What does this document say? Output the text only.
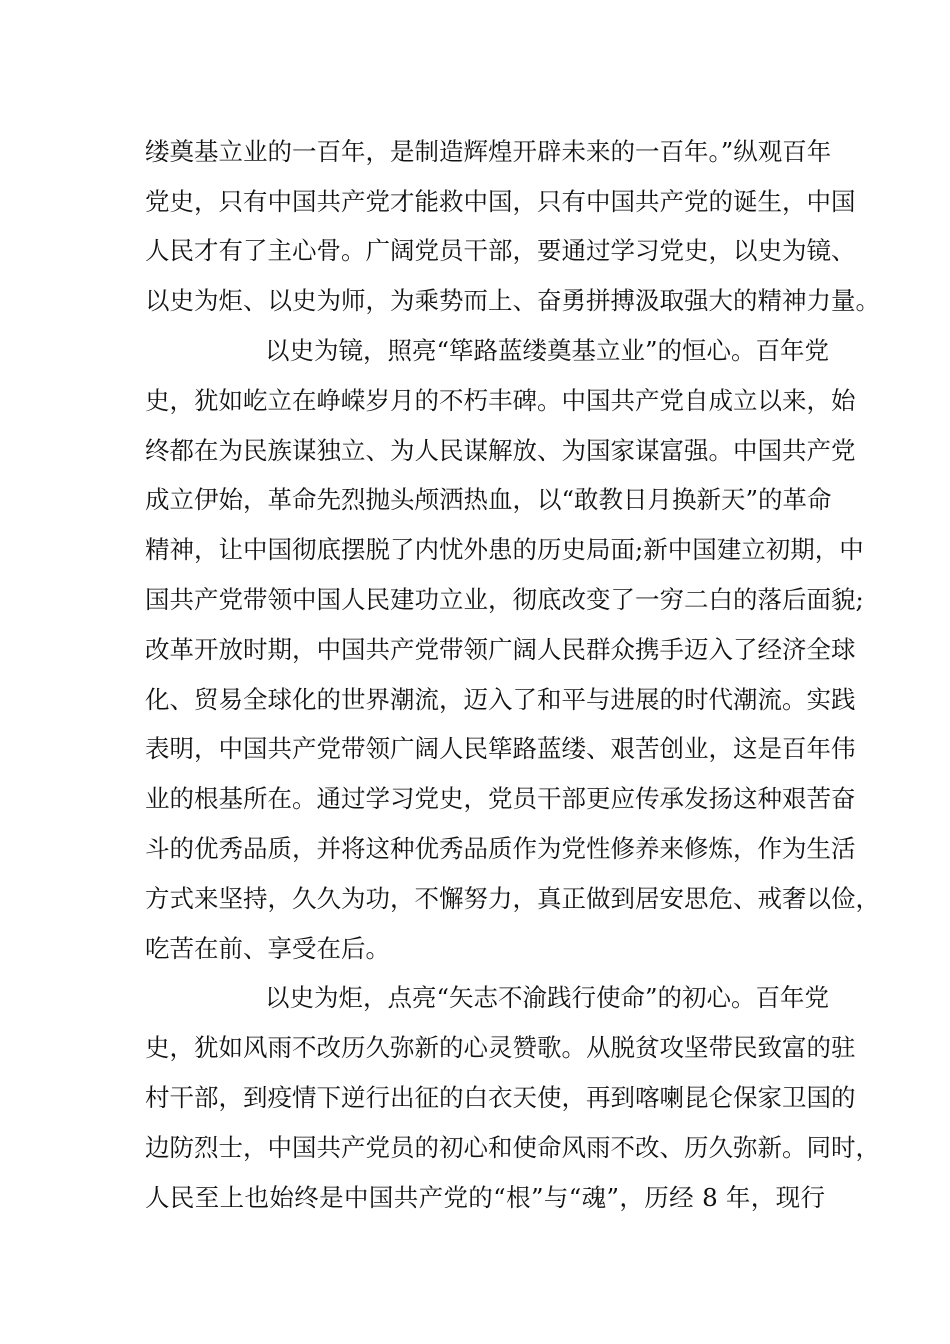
缕奠基立业的一百年，是制造辉煌开辟未来的一百年。”纵观百年
党史，只有中国共产党才能救中国，只有中国共产党的诞生，中国
人民才有了主心骨。广阔党员干部，要通过学习党史，以史为镜、
以史为炬、以史为师，为乘势而上、奋勇拼搏汲取强大的精神力量。
以史为镜，照亮“筚路蓝缕奠基立业”的恒心。百年党
史，犹如屹立在峥嵘岁月的不朽丰碑。中国共产党自成立以来，始
终都在为民族谋独立、为人民谋解放、为国家谋富强。中国共产党
成立伊始，革命先烈抛头颅洒热血，以“敢教日月换新天”的革命
精神，让中国彻底摆脱了内忧外患的历史局面;新中国建立初期，中
国共产党带领中国人民建功立业，彻底改变了一穷二白的落后面貌;
改革开放时期，中国共产党带领广阔人民群众携手迈入了经济全球
化、贸易全球化的世界潮流，迈入了和平与进展的时代潮流。实践
表明，中国共产党带领广阔人民筚路蓝缕、艰苦创业，这是百年伟
业的根基所在。通过学习党史，党员干部更应传承发扬这种艰苦奋
斗的优秀品质，并将这种优秀品质作为党性修养来修炼，作为生活
方式来坚持，久久为功，不懈努力，真正做到居安思危、戒奢以俭，
吃苦在前、享受在后。
以史为炬，点亮“矢志不渝践行使命”的初心。百年党
史，犹如风雨不改历久弥新的心灵赞歌。从脱贫攻坚带民致富的驻
村干部，到疫情下逆行出征的白衣天使，再到喀喇昆仑保家卫国的
边防烈士，中国共产党员的初心和使命风雨不改、历久弥新。同时，
人民至上也始终是中国共产党的“根”与“魂”，历经 8 年，现行
